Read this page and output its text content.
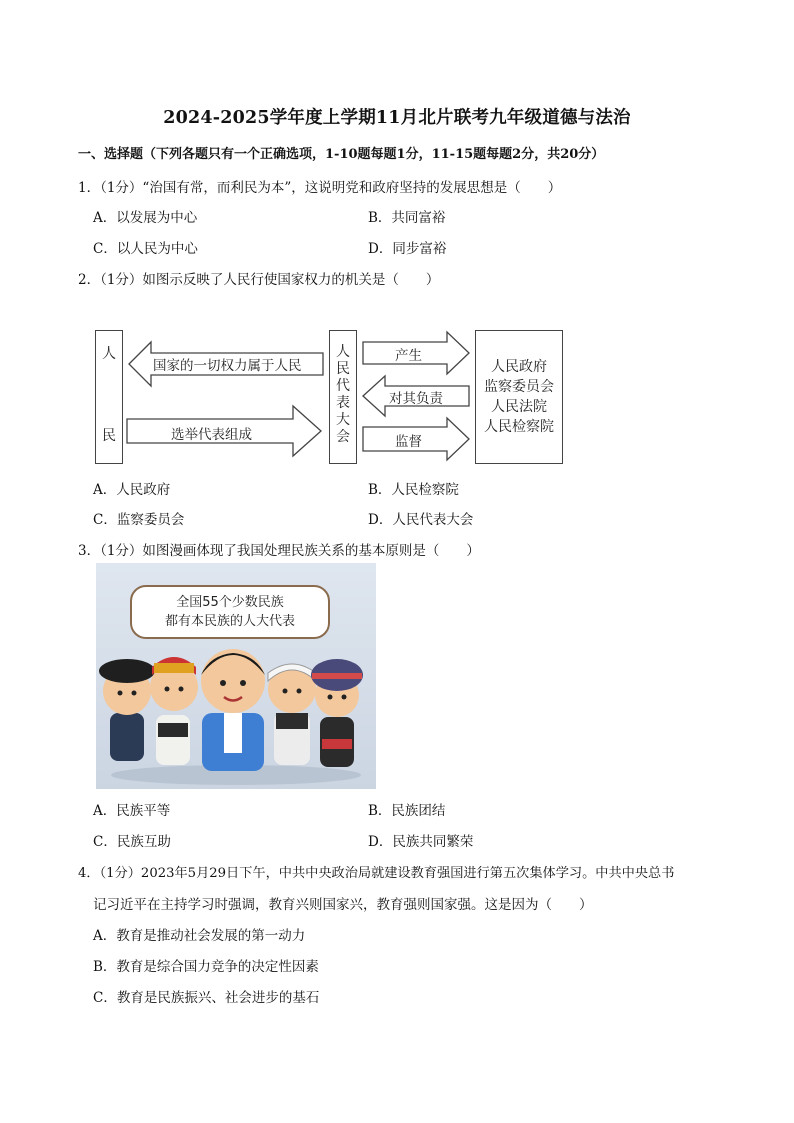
2024-2025学年度上学期11月北片联考九年级道德与法治
一、选择题（下列各题只有一个正确选项，1-10题每题1分，11-15题每题2分，共20分）
1．（1分）“治国有常，而利民为本”，这说明党和政府坚持的发展思想是（　　）
A．以发展为中心	B．共同富裕
C．以人民为中心	D．同步富裕
2．（1分）如图示反映了人民行使国家权力的机关是（　　）
人
民
国家的一切权力属于人民
选举代表组成
人
民
代
表
大
会
产生
对其负责
监督
人民政府
监察委员会
人民法院
人民检察院
A．人民政府	B．人民检察院
C．监察委员会	D．人民代表大会
3．（1分）如图漫画体现了我国处理民族关系的基本原则是（　　）
全国55个少数民族
都有本民族的人大代表
A．民族平等	B．民族团结
C．民族互助	D．民族共同繁荣
4．（1分）2023年5月29日下午，中共中央政治局就建设教育强国进行第五次集体学习。中共中央总书
记习近平在主持学习时强调，教育兴则国家兴，教育强则国家强。这是因为（　　）
A．教育是推动社会发展的第一动力
B．教育是综合国力竞争的决定性因素
C．教育是民族振兴、社会进步的基石
